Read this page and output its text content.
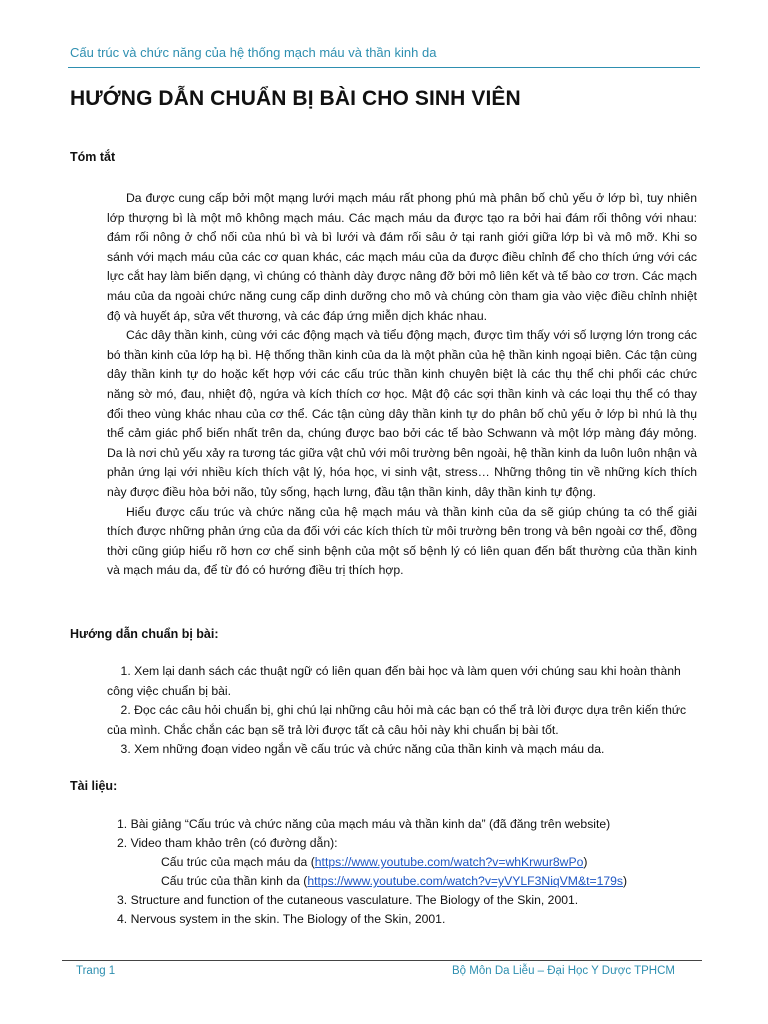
Cấu trúc và chức năng của hệ thống mạch máu và thần kinh da
HƯỚNG DẪN CHUẨN BỊ BÀI CHO SINH VIÊN
Tóm tắt

Da được cung cấp bởi một mạng lưới mạch máu rất phong phú mà phân bố chủ yếu ở lớp bì, tuy nhiên lớp thượng bì là một mô không mạch máu. Các mạch máu da được tạo ra bởi hai đám rối thông với nhau: đám rối nông ở chổ nối của nhú bì và bì lưới và đám rối sâu ở tại ranh giới giữa lớp bì và mô mỡ. Khi so sánh với mạch máu của các cơ quan khác, các mạch máu của da được điều chỉnh để cho thích ứng với các lực cắt hay làm biến dạng, vì chúng có thành dày được nâng đỡ bởi mô liên kết và tế bào cơ trơn. Các mạch máu của da ngoài chức năng cung cấp dinh dưỡng cho mô và chúng còn tham gia vào việc điều chỉnh nhiệt độ và huyết áp, sửa vết thương, và các đáp ứng miễn dịch khác nhau.

Các dây thần kinh, cùng với các động mạch và tiểu động mạch, được tìm thấy với số lượng lớn trong các bó thần kinh của lớp hạ bì. Hệ thống thần kinh của da là một phần của hệ thần kinh ngoại biên. Các tận cùng dây thần kinh tự do hoặc kết hợp với các cấu trúc thần kinh chuyên biệt là các thụ thể chi phối các chức năng sờ mó, đau, nhiệt độ, ngứa và kích thích cơ học. Mật độ các sợi thần kinh và các loại thụ thể có thay đổi theo vùng khác nhau của cơ thể. Các tận cùng dây thần kinh tự do phân bố chủ yếu ở lớp bì nhú là thụ thể cảm giác phổ biến nhất trên da, chúng được bao bởi các tế bào Schwann và một lớp màng đáy mỏng. Da là nơi chủ yếu xảy ra tương tác giữa vật chủ với môi trường bên ngoài, hệ thần kinh da luôn luôn nhận và phản ứng lại với nhiều kích thích vật lý, hóa học, vi sinh vật, stress… Những thông tin về những kích thích này được điều hòa bởi não, tủy sống, hạch lưng, đầu tận thần kinh, dây thần kinh tự động.

Hiểu được cấu trúc và chức năng của hệ mạch máu và thần kinh của da sẽ giúp chúng ta có thể giải thích được những phản ứng của da đối với các kích thích từ môi trường bên trong và bên ngoài cơ thể, đồng thời cũng giúp hiểu rõ hơn cơ chế sinh bệnh của một số bệnh lý có liên quan đến bất thường của thần kinh và mạch máu da, để từ đó có hướng điều trị thích hợp.

Hướng dẫn chuẩn bị bài:
1. Xem lại danh sách các thuật ngữ có liên quan đến bài học và làm quen với chúng sau khi hoàn thành công việc chuẩn bị bài.
2. Đọc các câu hỏi chuẩn bị, ghi chú lại những câu hỏi mà các bạn có thể trả lời được dựa trên kiến thức của mình. Chắc chắn các bạn sẽ trả lời được tất cả câu hỏi này khi chuẩn bị bài tốt.
3. Xem những đoạn video ngắn về cấu trúc và chức năng của thần kinh và mạch máu da.
Tài liệu:
1. Bài giảng “Cấu trúc và chức năng của mạch máu và thần kinh da” (đã đăng trên website)
2. Video tham khảo trên (có đường dẫn):
Cấu trúc của mạch máu da (https://www.youtube.com/watch?v=whKrwur8wPo)
Cấu trúc của thần kinh da (https://www.youtube.com/watch?v=yVYLF3NiqVM&t=179s)
3. Structure and function of the cutaneous vasculature. The Biology of the Skin, 2001.
4. Nervous system in the skin. The Biology of the Skin, 2001.
Trang 1	Bộ Môn Da Liễu – Đại Học Y Dược TPHCM
